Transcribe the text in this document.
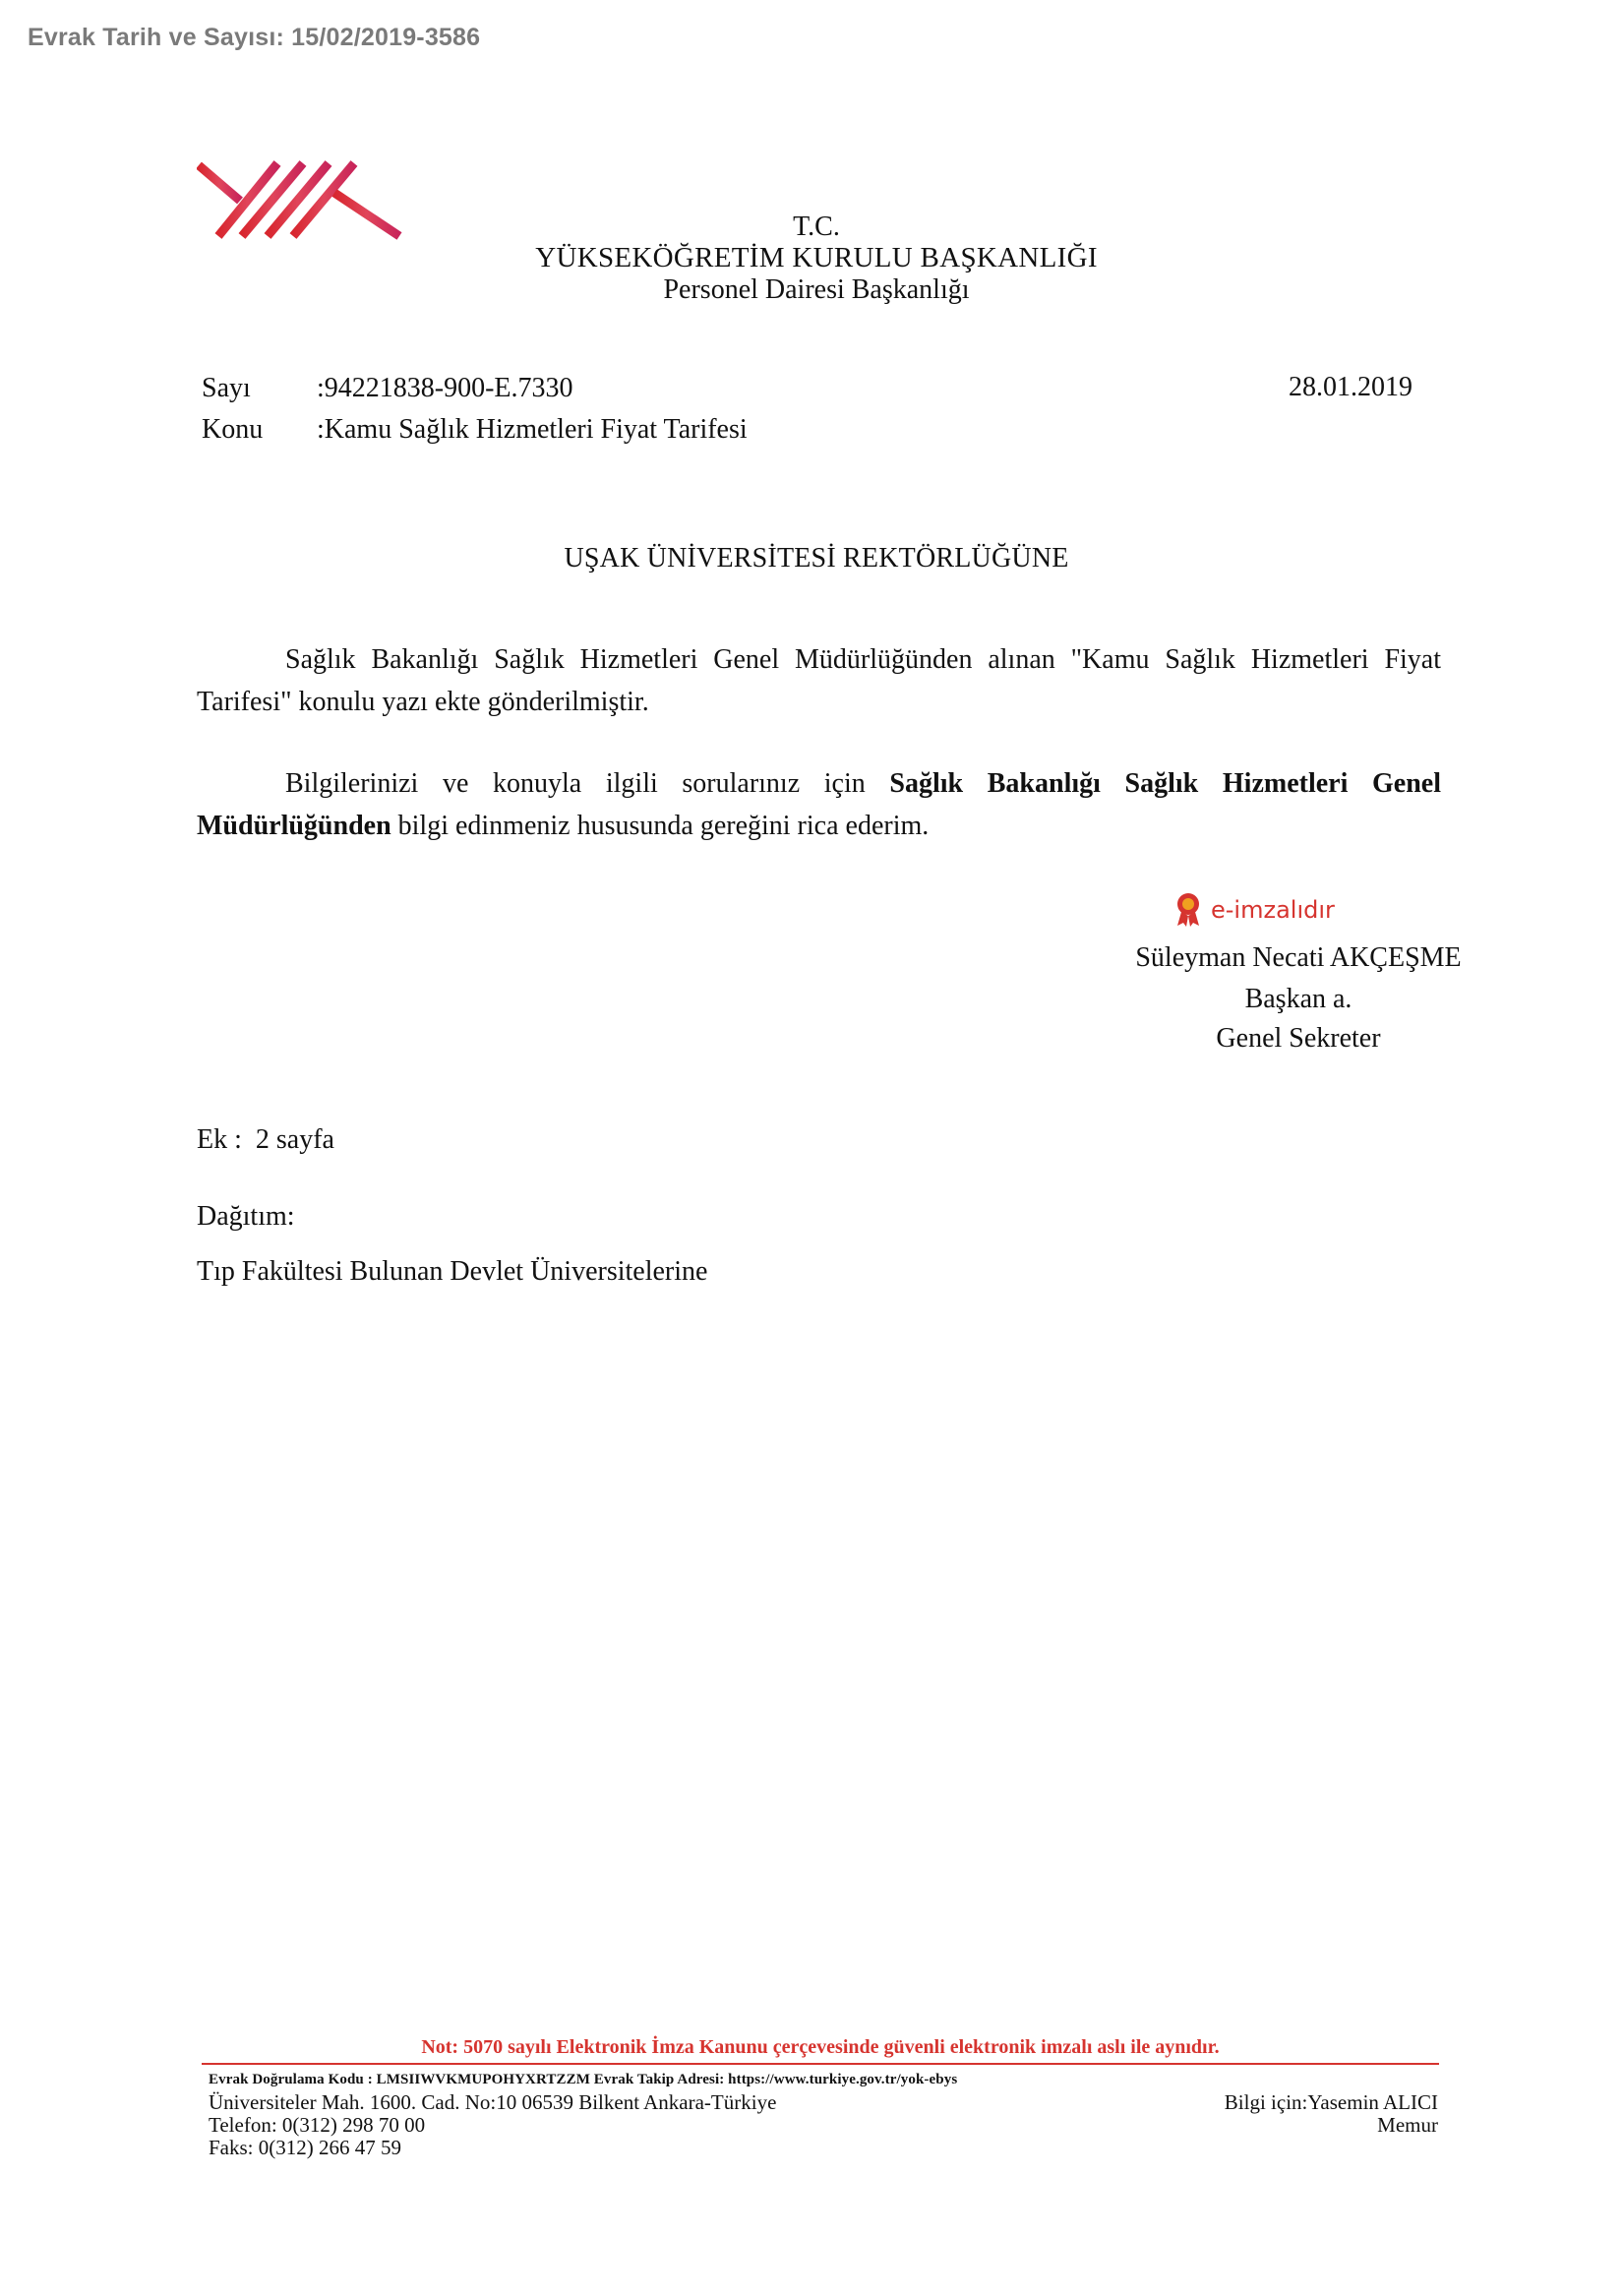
Evrak Tarih ve Sayısı: 15/02/2019-3586
T.C.
YÜKSEKÖĞRETİM KURULU BAŞKANLIĞI
Personel Dairesi Başkanlığı
Sayı :94221838-900-E.7330	28.01.2019
Konu :Kamu Sağlık Hizmetleri Fiyat Tarifesi
UŞAK ÜNİVERSİTESİ REKTÖRLÜĞÜNE

Sağlık Bakanlığı Sağlık Hizmetleri Genel Müdürlüğünden alınan "Kamu Sağlık Hizmetleri Fiyat Tarifesi" konulu yazı ekte gönderilmiştir.

Bilgilerinizi ve konuyla ilgili sorularınız için Sağlık Bakanlığı Sağlık Hizmetleri Genel Müdürlüğünden bilgi edinmeniz hususunda gereğini rica ederim.

e-imzalıdır
Süleyman Necati AKÇEŞME
Başkan a.
Genel Sekreter
Ek :  2 sayfa
Dağıtım:
Tıp Fakültesi Bulunan Devlet Üniversitelerine
Not: 5070 sayılı Elektronik İmza Kanunu çerçevesinde güvenli elektronik imzalı aslı ile aynıdır.
Evrak Doğrulama Kodu : LMSIIWVKMUPOHYXRTZZM Evrak Takip Adresi: https://www.turkiye.gov.tr/yok-ebys
Üniversiteler Mah. 1600. Cad. No:10 06539 Bilkent Ankara-Türkiye
Telefon: 0(312) 298 70 00
Faks: 0(312) 266 47 59
Bilgi için:Yasemin ALICI
Memur
